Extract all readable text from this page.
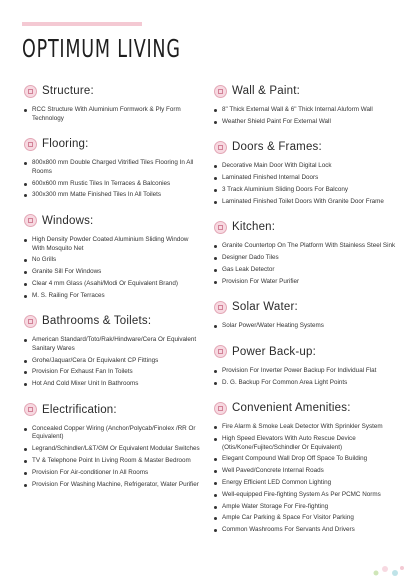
OPTIMUM LIVING
Structure:
RCC Structure With Aluminium Formwork & Ply Form Technology
Flooring:
800x800 mm Double Charged Vitrified Tiles Flooring In All Rooms
600x600 mm Rustic Tiles In Terraces & Balconies
300x300 mm Matte Finished Tiles In All Toilets
Windows:
High Density Powder Coated Aluminium Sliding Window With Mosquito Net
No Grills
Granite Sill For Windows
Clear 4 mm Glass (Asahi/Modi Or Equivalent Brand)
M. S. Railing For Terraces
Bathrooms & Toilets:
American Standard/Toto/Rak/Hindware/Cera Or Equivalent Sanitary Wares
Grohe/Jaquar/Cera Or Equivalent CP Fittings
Provision For Exhaust Fan In Toilets
Hot And Cold Mixer Unit In Bathrooms
Electrification:
Concealed Copper Wiring (Anchor/Polycab/Finolex /RR Or Equivalent)
Legrand/Schindler/L&T/GM Or Equivalent Modular Switches
TV & Telephone Point In Living Room & Master Bedroom
Provision For Air-conditioner In All Rooms
Provision For Washing Machine, Refrigerator, Water Purifier
Wall & Paint:
8" Thick External Wall & 6" Thick Internal Aluform Wall
Weather Shield Paint For External Wall
Doors & Frames:
Decorative Main Door With Digital Lock
Laminated Finished Internal Doors
3 Track Aluminium Sliding Doors For Balcony
Laminated Finished Toilet Doors With Granite Door Frame
Kitchen:
Granite Countertop On The Platform With Stainless Steel Sink
Designer Dado Tiles
Gas Leak Detector
Provision For Water Purifier
Solar Water:
Solar Power/Water Heating Systems
Power Back-up:
Provision For Inverter Power Backup For Individual Flat
D. G. Backup For Common Area Light Points
Convenient Amenities:
Fire Alarm & Smoke Leak Detector With Sprinkler System
High Speed Elevators With Auto Rescue Device (Otis/Kone/Fujitec/Schindler Or Equivalent)
Elegant Compound Wall Drop Off Space To Building
Well Paved/Concrete Internal Roads
Energy Efficient LED Common Lighting
Well-equipped Fire-fighting System As Per PCMC Norms
Ample Water Storage For Fire-fighting
Ample Car Parking & Space For Visitor Parking
Common Washrooms For Servants And Drivers
